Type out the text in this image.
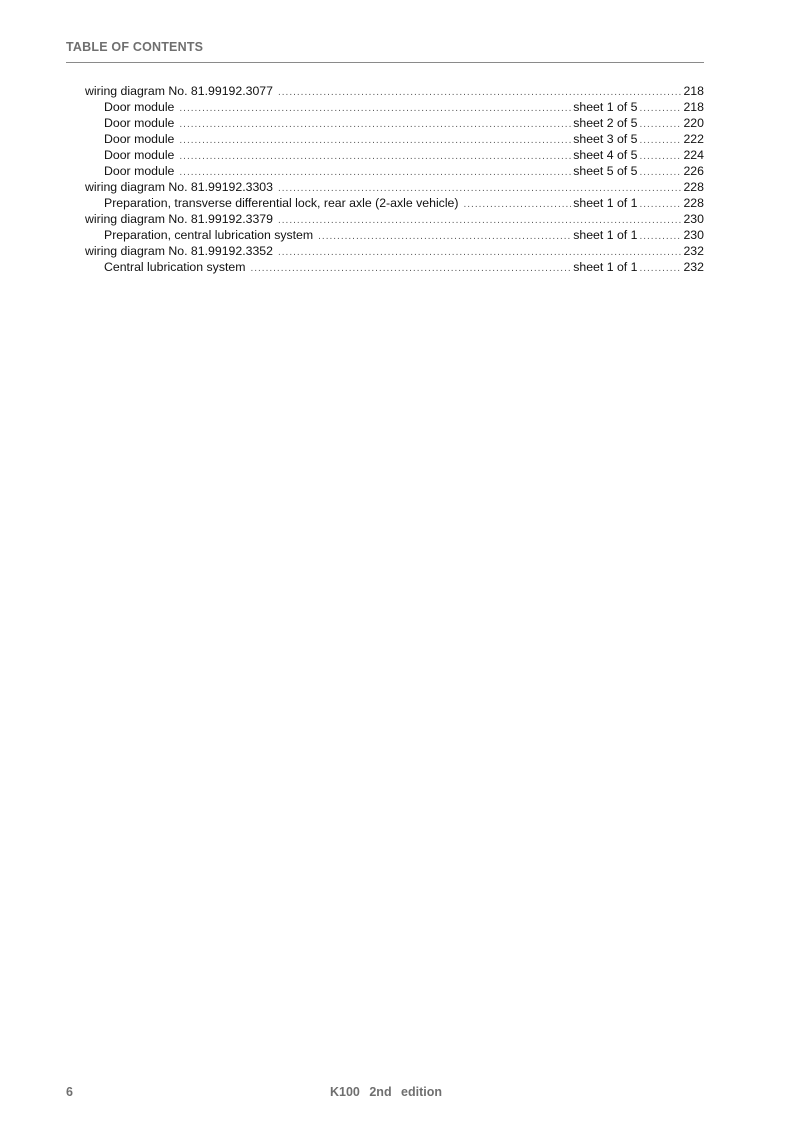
TABLE OF CONTENTS
wiring diagram No. 81.99192.3077 .....	218
Door module .....	sheet 1 of 5 .....	218
Door module .....	sheet 2 of 5 .....	220
Door module .....	sheet 3 of 5 .....	222
Door module .....	sheet 4 of 5 .....	224
Door module .....	sheet 5 of 5 .....	226
wiring diagram No. 81.99192.3303 .....	228
Preparation, transverse differential lock, rear axle (2-axle vehicle) .....	sheet 1 of 1 .....	228
wiring diagram No. 81.99192.3379 .....	230
Preparation, central lubrication system .....	sheet 1 of 1 .....	230
wiring diagram No. 81.99192.3352 .....	232
Central lubrication system .....	sheet 1 of 1 .....	232
6	K100 2nd edition
